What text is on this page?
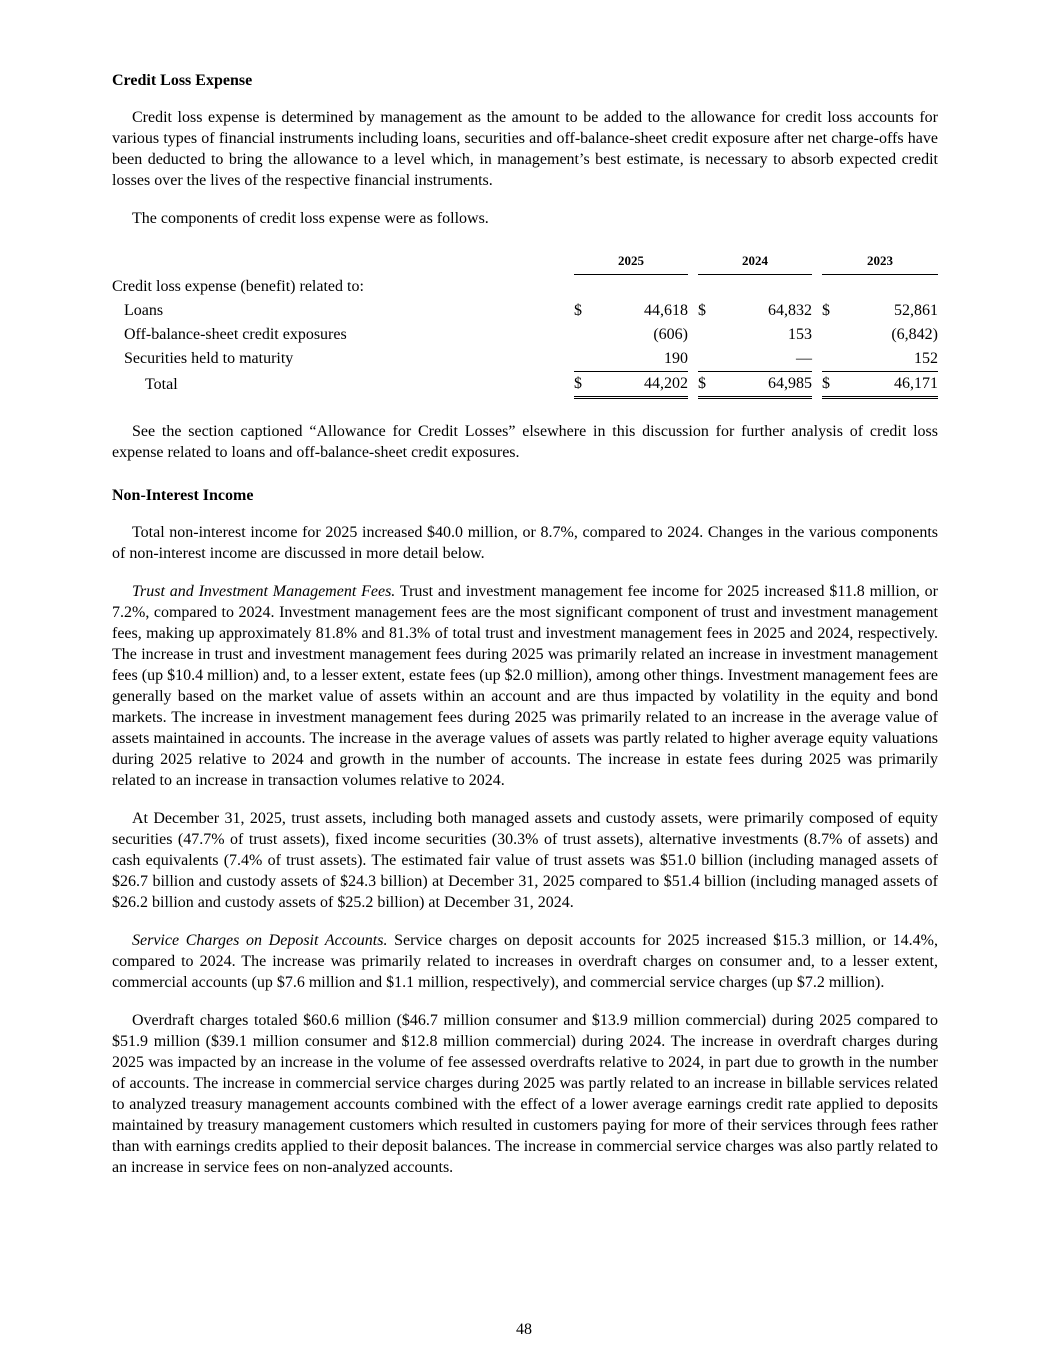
Credit Loss Expense

Credit loss expense is determined by management as the amount to be added to the allowance for credit loss accounts for various types of financial instruments including loans, securities and off-balance-sheet credit exposure after net charge-offs have been deducted to bring the allowance to a level which, in management’s best estimate, is necessary to absorb expected credit losses over the lives of the respective financial instruments.

The components of credit loss expense were as follows.

	2025			2024			2023	
Credit loss expense (benefit) related to:								
Loans	$	44,618		$	64,832		$	52,861
Off-balance-sheet credit exposures		(606)			153			(6,842)
Securities held to maturity		190			—			152
Total	$	44,202		$	64,985		$	46,171

See the section captioned “Allowance for Credit Losses” elsewhere in this discussion for further analysis of credit loss expense related to loans and off-balance-sheet credit exposures.

Non-Interest Income

Total non-interest income for 2025 increased $40.0 million, or 8.7%, compared to 2024. Changes in the various components of non-interest income are discussed in more detail below.

Trust and Investment Management Fees. Trust and investment management fee income for 2025 increased $11.8 million, or 7.2%, compared to 2024. Investment management fees are the most significant component of trust and investment management fees, making up approximately 81.8% and 81.3% of total trust and investment management fees in 2025 and 2024, respectively. The increase in trust and investment management fees during 2025 was primarily related an increase in investment management fees (up $10.4 million) and, to a lesser extent, estate fees (up $2.0 million), among other things. Investment management fees are generally based on the market value of assets within an account and are thus impacted by volatility in the equity and bond markets. The increase in investment management fees during 2025 was primarily related to an increase in the average value of assets maintained in accounts. The increase in the average values of assets was partly related to higher average equity valuations during 2025 relative to 2024 and growth in the number of accounts. The increase in estate fees during 2025 was primarily related to an increase in transaction volumes relative to 2024.

At December 31, 2025, trust assets, including both managed assets and custody assets, were primarily composed of equity securities (47.7% of trust assets), fixed income securities (30.3% of trust assets), alternative investments (8.7% of assets) and cash equivalents (7.4% of trust assets). The estimated fair value of trust assets was $51.0 billion (including managed assets of $26.7 billion and custody assets of $24.3 billion) at December 31, 2025 compared to $51.4 billion (including managed assets of $26.2 billion and custody assets of $25.2 billion) at December 31, 2024.

Service Charges on Deposit Accounts. Service charges on deposit accounts for 2025 increased $15.3 million, or 14.4%, compared to 2024. The increase was primarily related to increases in overdraft charges on consumer and, to a lesser extent, commercial accounts (up $7.6 million and $1.1 million, respectively), and commercial service charges (up $7.2 million).

Overdraft charges totaled $60.6 million ($46.7 million consumer and $13.9 million commercial) during 2025 compared to $51.9 million ($39.1 million consumer and $12.8 million commercial) during 2024. The increase in overdraft charges during 2025 was impacted by an increase in the volume of fee assessed overdrafts relative to 2024, in part due to growth in the number of accounts. The increase in commercial service charges during 2025 was partly related to an increase in billable services related to analyzed treasury management accounts combined with the effect of a lower average earnings credit rate applied to deposits maintained by treasury management customers which resulted in customers paying for more of their services through fees rather than with earnings credits applied to their deposit balances. The increase in commercial service charges was also partly related to an increase in service fees on non-analyzed accounts.

48
